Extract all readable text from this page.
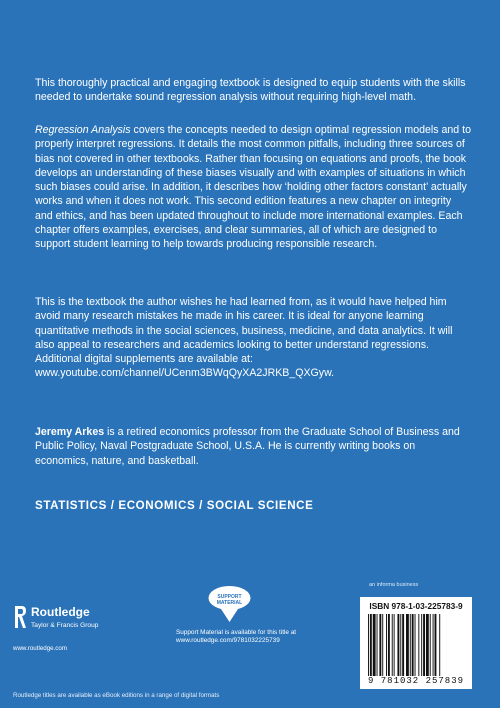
This thoroughly practical and engaging textbook is designed to equip students with the skills needed to undertake sound regression analysis without requiring high-level math.

Regression Analysis covers the concepts needed to design optimal regression models and to properly interpret regressions. It details the most common pitfalls, including three sources of bias not covered in other textbooks. Rather than focusing on equations and proofs, the book develops an understanding of these biases visually and with examples of situations in which such biases could arise. In addition, it describes how ‘holding other factors constant’ actually works and when it does not work. This second edition features a new chapter on integrity and ethics, and has been updated throughout to include more international examples. Each chapter offers examples, exercises, and clear summaries, all of which are designed to support student learning to help towards producing responsible research.

This is the textbook the author wishes he had learned from, as it would have helped him avoid many research mistakes he made in his career. It is ideal for anyone learning quantitative methods in the social sciences, business, medicine, and data analytics. It will also appeal to researchers and academics looking to better understand regressions. Additional digital supplements are available at: www.youtube.com/channel/UCenm3BWqQyXA2JRKB_QXGyw.

Jeremy Arkes is a retired economics professor from the Graduate School of Business and Public Policy, Naval Postgraduate School, U.S.A. He is currently writing books on economics, nature, and basketball.

STATISTICS / ECONOMICS / SOCIAL SCIENCE
an informa business
Routledge
Taylor & Francis Group
www.routledge.com
SUPPORT MATERIAL

Support Material is available for this title at

www.routledge.com/9781032225739

ISBN 978-1-03-225783-9
9 781032 257839
Routledge titles are available as eBook editions in a range of digital formats
